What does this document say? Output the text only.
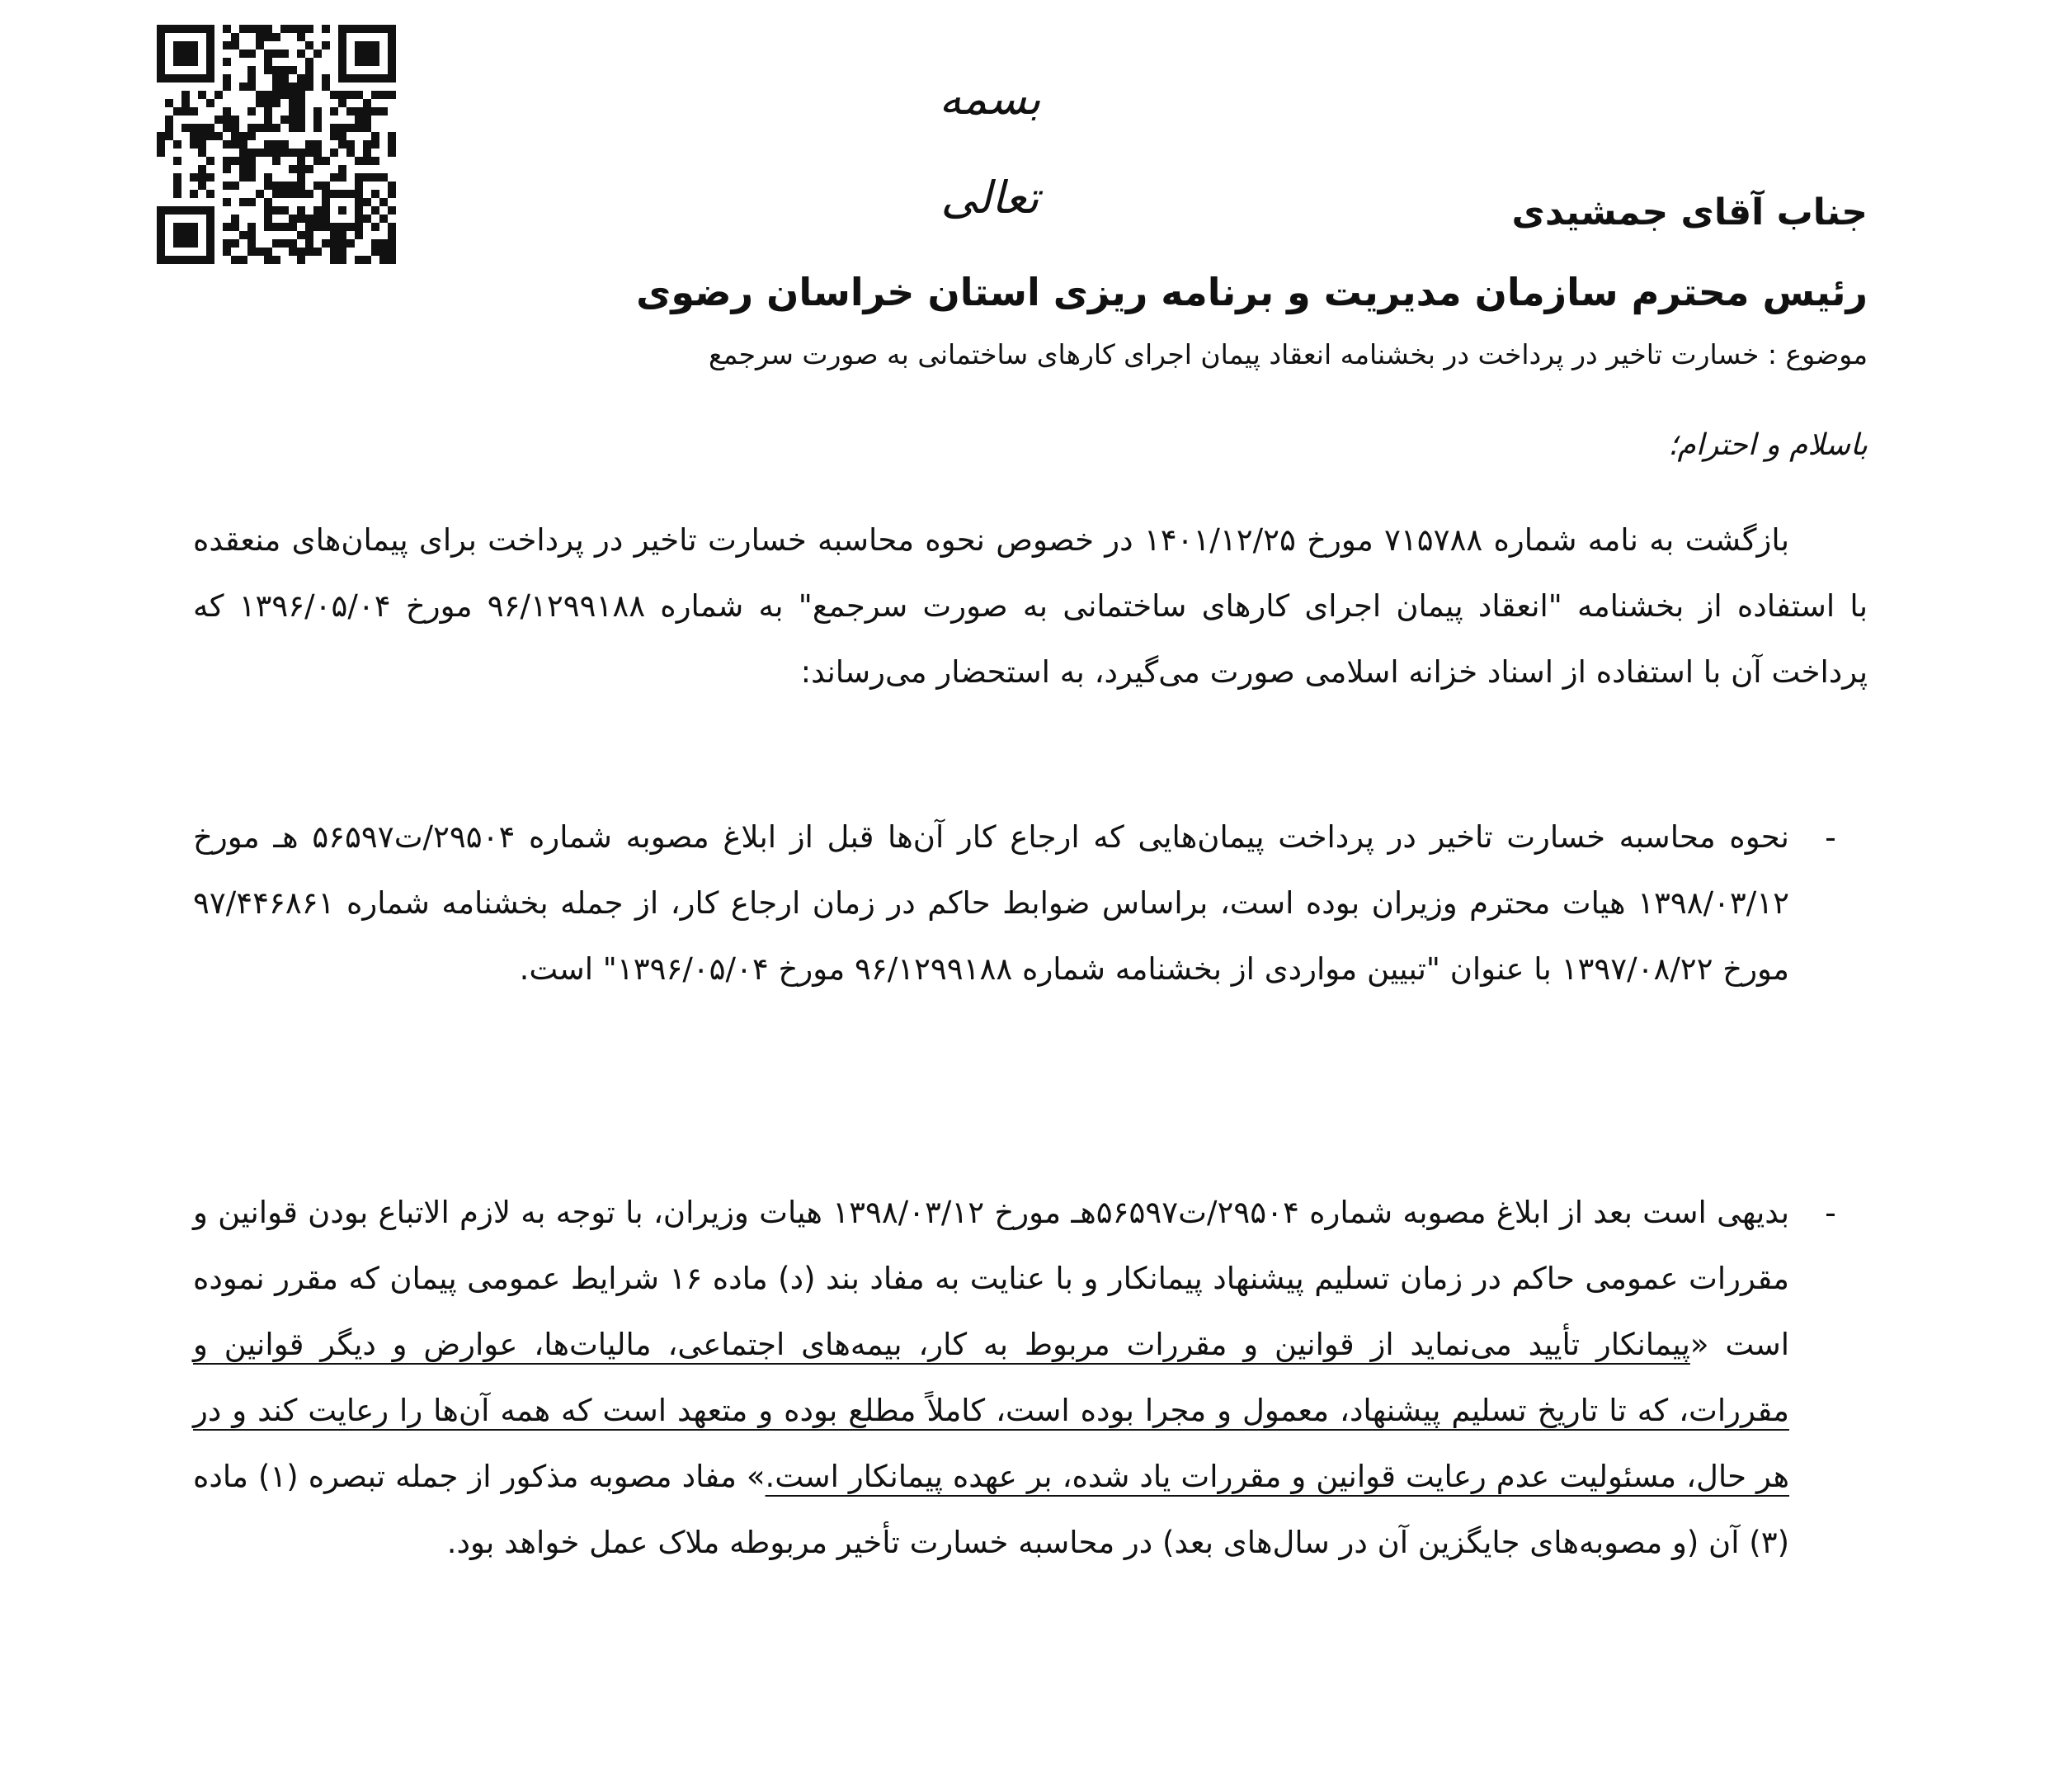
بسمه تعالی	جناب آقای جمشیدی
رئیس محترم سازمان مدیریت و برنامه ریزی استان خراسان رضوی
موضوع : خسارت تاخیر در پرداخت در بخشنامه انعقاد پیمان اجرای کارهای ساختمانی به صورت سرجمع
باسلام و احترام؛
بازگشت به نامه شماره ۷۱۵۷۸۸ مورخ ۱۴۰۱/۱۲/۲۵ در خصوص نحوه محاسبه خسارت تاخیر در پرداخت برای پیمان‌های منعقده با استفاده از بخشنامه "انعقاد پیمان اجرای کارهای ساختمانی به صورت سرجمع" به شماره ۹۶/۱۲۹۹۱۸۸ مورخ ۱۳۹۶/۰۵/۰۴ که پرداخت آن با استفاده از اسناد خزانه اسلامی صورت می‌گیرد، به استحضار می‌رساند:
-
نحوه محاسبه خسارت تاخیر در پرداخت پیمان‌هایی که ارجاع کار آن‌ها قبل از ابلاغ مصوبه شماره ۲۹۵۰۴/ت۵۶۵۹۷ هـ مورخ ۱۳۹۸/۰۳/۱۲ هیات محترم وزیران بوده است، براساس ضوابط حاکم در زمان ارجاع کار، از جمله بخشنامه شماره ۹۷/۴۴۶۸۶۱ مورخ ۱۳۹۷/۰۸/۲۲ با عنوان "تبیین مواردی از بخشنامه شماره ۹۶/۱۲۹۹۱۸۸ مورخ ۱۳۹۶/۰۵/۰۴" است.
-
بدیهی است بعد از ابلاغ مصوبه شماره ۲۹۵۰۴/ت۵۶۵۹۷هـ مورخ ۱۳۹۸/۰۳/۱۲ هیات وزیران، با توجه به لازم الاتباع بودن قوانین و مقررات عمومی حاکم در زمان تسلیم پیشنهاد پیمانکار و با عنایت به مفاد بند (د) ماده ۱۶ شرایط عمومی پیمان که مقرر نموده است «پیمانکار تأیید می‌نماید از قوانین و مقررات مربوط به کار، بیمه‌های اجتماعی، مالیات‌ها، عوارض و دیگر قوانین و مقررات، که تا تاریخ تسلیم پیشنهاد، معمول و مجرا بوده است، کاملاً مطلع بوده و متعهد است که همه آن‌ها را رعایت کند و در هر حال، مسئولیت عدم رعایت قوانین و مقررات یاد شده، بر عهده پیمانکار است.» مفاد مصوبه مذکور از جمله تبصره (۱) ماده (۳) آن (و مصوبه‌های جایگزین آن در سال‌های بعد) در محاسبه خسارت تأخیر مربوطه ملاک عمل خواهد بود.
